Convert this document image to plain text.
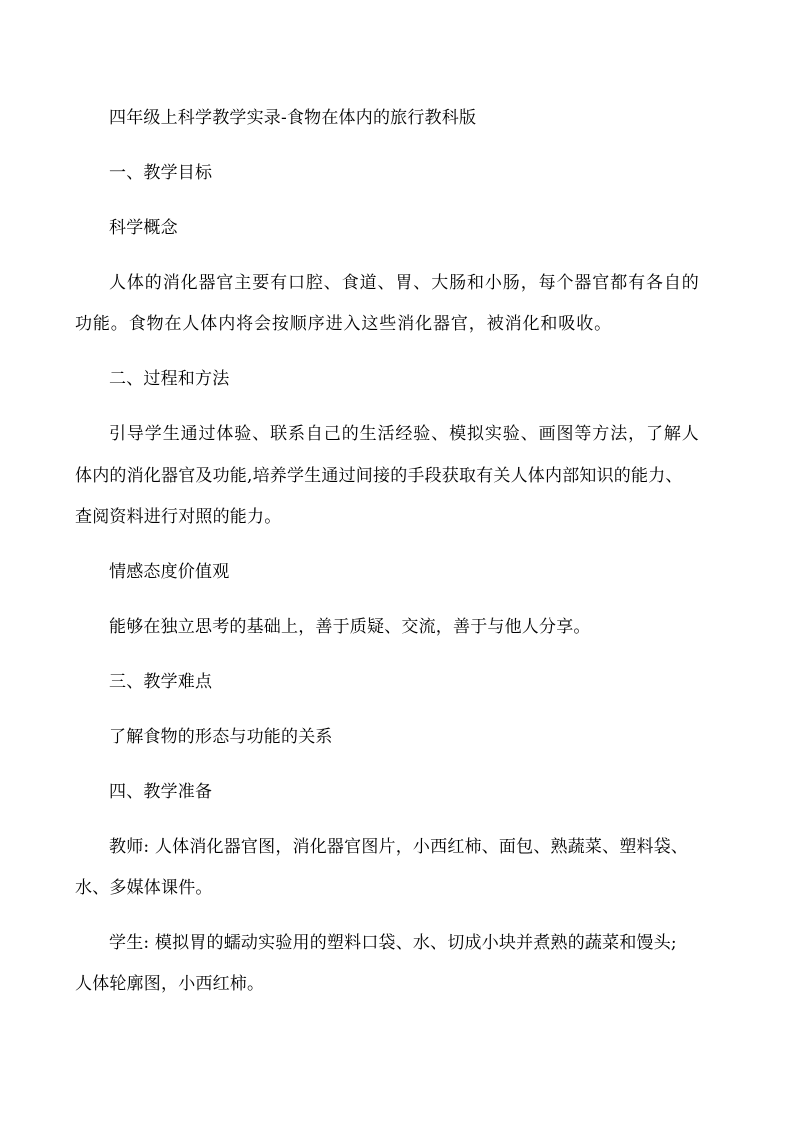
四年级上科学教学实录-食物在体内的旅行教科版
一、教学目标
科学概念
人体的消化器官主要有口腔、食道、胃、大肠和小肠，每个器官都有各自的
功能。食物在人体内将会按顺序进入这些消化器官，被消化和吸收。
二、过程和方法
引导学生通过体验、联系自己的生活经验、模拟实验、画图等方法，了解人
体内的消化器官及功能,培养学生通过间接的手段获取有关人体内部知识的能力、
查阅资料进行对照的能力。
情感态度价值观
能够在独立思考的基础上，善于质疑、交流，善于与他人分享。
三、教学难点
了解食物的形态与功能的关系
四、教学准备
教师: 人体消化器官图，消化器官图片，小西红柿、面包、熟蔬菜、塑料袋、
水、多媒体课件。
学生: 模拟胃的蠕动实验用的塑料口袋、水、切成小块并煮熟的蔬菜和馒头;
人体轮廓图，小西红柿。
